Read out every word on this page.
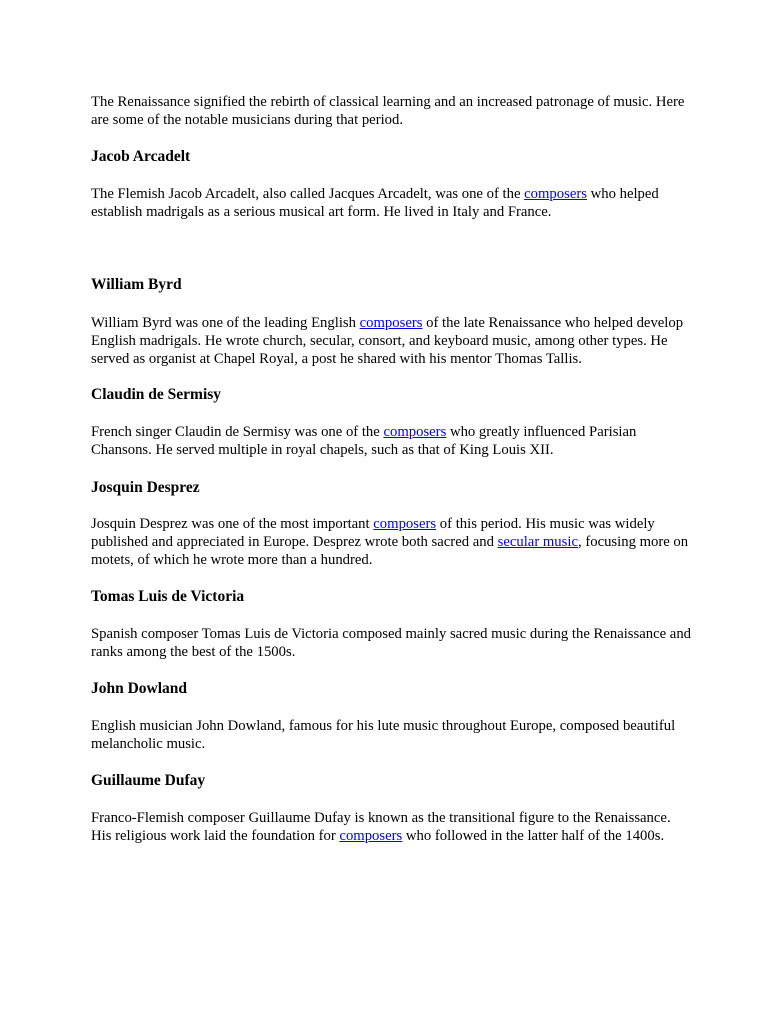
The Renaissance signified the rebirth of classical learning and an increased patronage of music. Here are some of the notable musicians during that period.

Jacob Arcadelt

The Flemish Jacob Arcadelt, also called Jacques Arcadelt, was one of the composers who helped establish madrigals as a serious musical art form. He lived in Italy and France.

William Byrd

William Byrd was one of the leading English composers of the late Renaissance who helped develop English madrigals. He wrote church, secular, consort, and keyboard music, among other types. He served as organist at Chapel Royal, a post he shared with his mentor Thomas Tallis.

Claudin de Sermisy

French singer Claudin de Sermisy was one of the composers who greatly influenced Parisian Chansons. He served multiple in royal chapels, such as that of King Louis XII.

Josquin Desprez

Josquin Desprez was one of the most important composers of this period. His music was widely published and appreciated in Europe. Desprez wrote both sacred and secular music, focusing more on motets, of which he wrote more than a hundred.

Tomas Luis de Victoria

Spanish composer Tomas Luis de Victoria composed mainly sacred music during the Renaissance and ranks among the best of the 1500s.

John Dowland

English musician John Dowland, famous for his lute music throughout Europe, composed beautiful melancholic music.

Guillaume Dufay

Franco-Flemish composer Guillaume Dufay is known as the transitional figure to the Renaissance. His religious work laid the foundation for composers who followed in the latter half of the 1400s.
